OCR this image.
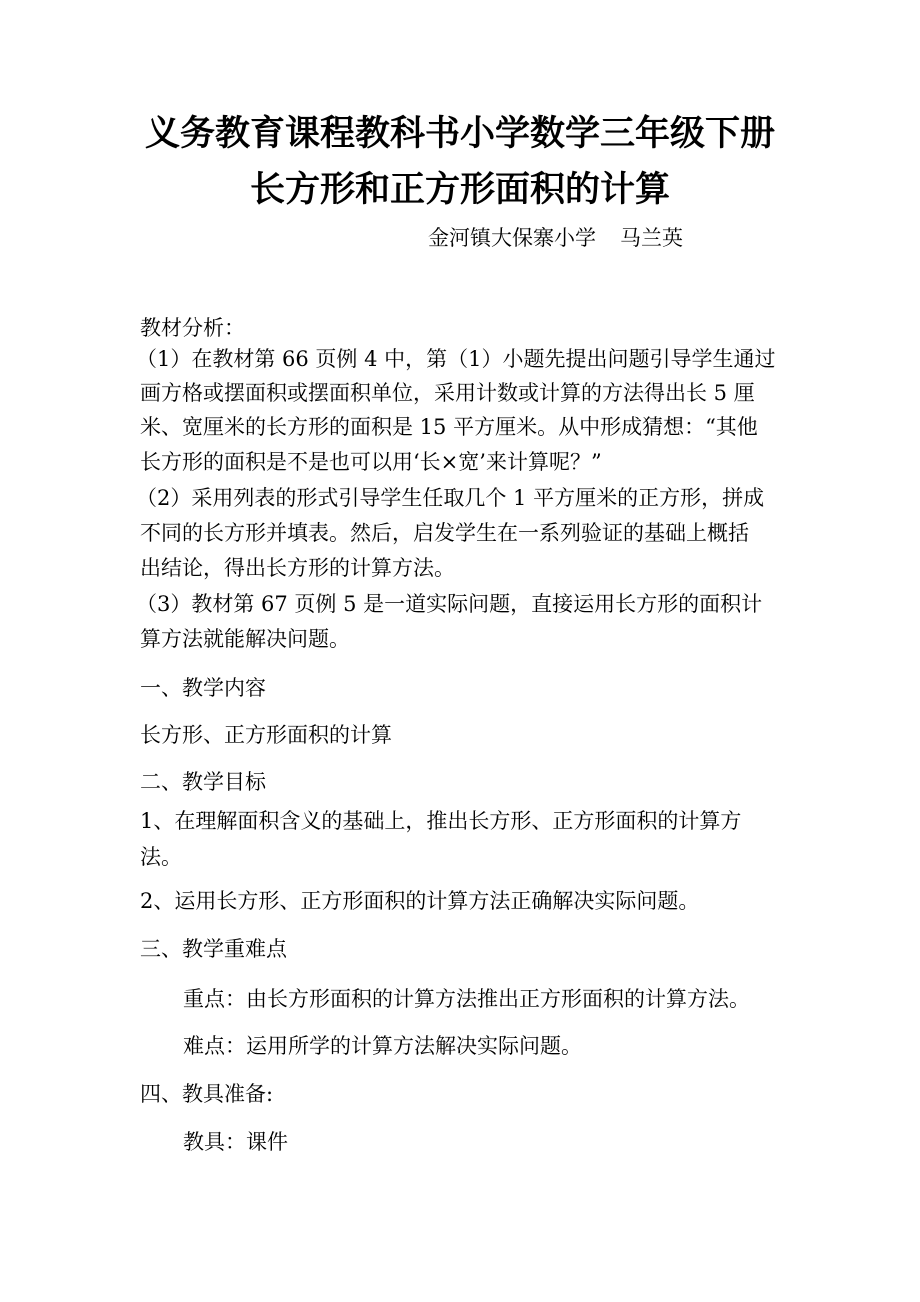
义务教育课程教科书小学数学三年级下册
长方形和正方形面积的计算
金河镇大保寨小学 马兰英
教材分析：
（1）在教材第 66 页例 4 中，第（1）小题先提出问题引导学生通过
画方格或摆面积或摆面积单位，采用计数或计算的方法得出长 5 厘
米、宽厘米的长方形的面积是 15 平方厘米。从中形成猜想：“其他
长方形的面积是不是也可以用‘长×宽’来计算呢？”
（2）采用列表的形式引导学生任取几个 1 平方厘米的正方形，拼成
不同的长方形并填表。然后，启发学生在一系列验证的基础上概括
出结论，得出长方形的计算方法。
（3）教材第 67 页例 5 是一道实际问题，直接运用长方形的面积计
算方法就能解决问题。
一、教学内容
长方形、正方形面积的计算
二、教学目标
1、在理解面积含义的基础上，推出长方形、正方形面积的计算方
法。
2、运用长方形、正方形面积的计算方法正确解决实际问题。
三、教学重难点
重点：由长方形面积的计算方法推出正方形面积的计算方法。
难点：运用所学的计算方法解决实际问题。
四、教具准备:
教具：课件
